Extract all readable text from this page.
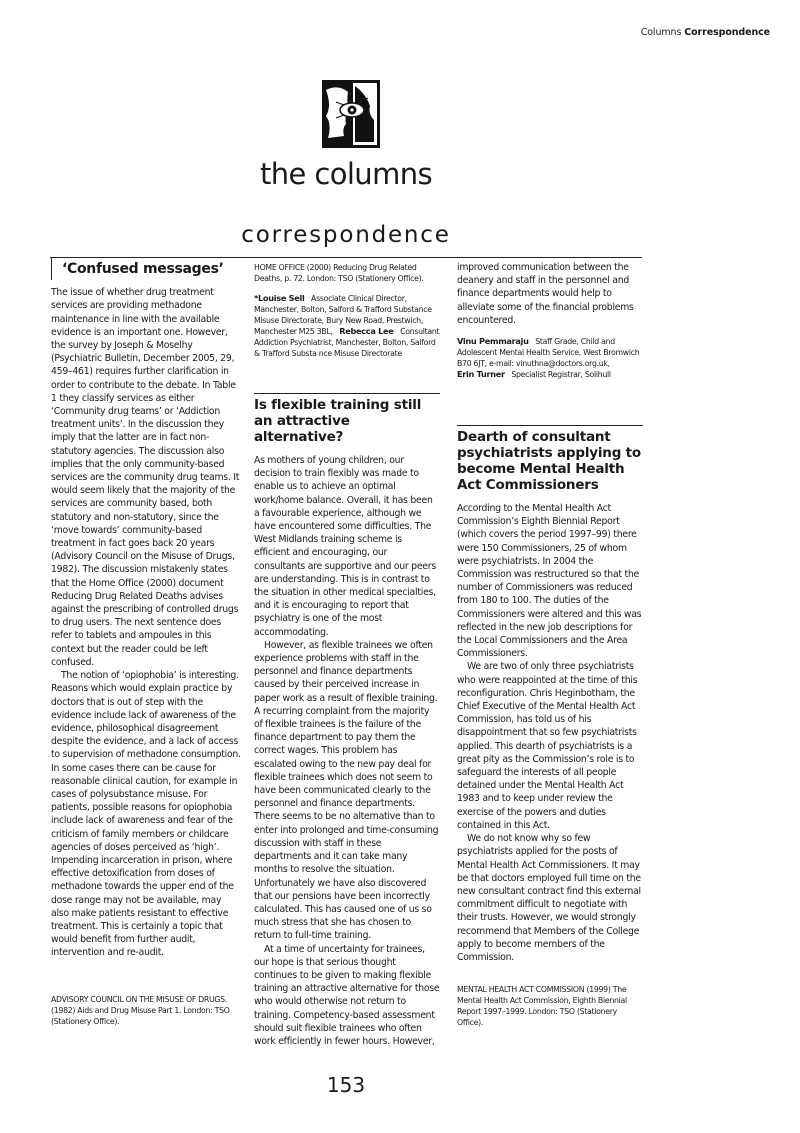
Columns Correspondence
the columns
correspondence
‘Confused messages’

The issue of whether drug treatment services are providing methadone maintenance in line with the available evidence is an important one. However, the survey by Joseph & Moselhy (Psychiatric Bulletin, December 2005, 29, 459–461) requires further clarification in order to contribute to the debate. In Table 1 they classify services as either ‘Community drug teams’ or ‘Addiction treatment units’. In the discussion they imply that the latter are in fact non-statutory agencies. The discussion also implies that the only community-based services are the community drug teams. It would seem likely that the majority of the services are community based, both statutory and non-statutory, since the ‘move towards’ community-based treatment in fact goes back 20 years (Advisory Council on the Misuse of Drugs, 1982). The discussion mistakenly states that the Home Office (2000) document Reducing Drug Related Deaths advises against the prescribing of controlled drugs to drug users. The next sentence does refer to tablets and ampoules in this context but the reader could be left confused.

The notion of ‘opiophobia’ is interesting. Reasons which would explain practice by doctors that is out of step with the evidence include lack of awareness of the evidence, philosophical disagreement despite the evidence, and a lack of access to supervision of methadone consumption. In some cases there can be cause for reasonable clinical caution, for example in cases of polysubstance misuse. For patients, possible reasons for opiophobia include lack of awareness and fear of the criticism of family members or childcare agencies of doses perceived as ‘high’. Impending incarceration in prison, where effective detoxification from doses of methadone towards the upper end of the dose range may not be available, may also make patients resistant to effective treatment. This is certainly a topic that would benefit from further audit, intervention and re-audit.

ADVISORY COUNCIL ON THE MISUSE OF DRUGS. (1982) Aids and Drug Misuse Part 1. London: TSO (Stationery Office).

HOME OFFICE (2000) Reducing Drug Related Deaths, p. 72. London: TSO (Stationery Office).

*Louise Sell Associate Clinical Director, Manchester, Bolton, Salford & Trafford Substance Misuse Directorate, Bury New Road, Prestwich, Manchester M25 3BL, Rebecca Lee Consultant Addiction Psychiatrist, Manchester, Bolton, Salford & Trafford Substa nce Misuse Directorate

Is flexible training still an attractive alternative?

As mothers of young children, our decision to train flexibly was made to enable us to achieve an optimal work/home balance. Overall, it has been a favourable experience, although we have encountered some difficulties. The West Midlands training scheme is efficient and encouraging, our consultants are supportive and our peers are understanding. This is in contrast to the situation in other medical specialties, and it is encouraging to report that psychiatry is one of the most accommodating.

However, as flexible trainees we often experience problems with staff in the personnel and finance departments caused by their perceived increase in paper work as a result of flexible training. A recurring complaint from the majority of flexible trainees is the failure of the finance department to pay them the correct wages. This problem has escalated owing to the new pay deal for flexible trainees which does not seem to have been communicated clearly to the personnel and finance departments. There seems to be no alternative than to enter into prolonged and time-consuming discussion with staff in these departments and it can take many months to resolve the situation. Unfortunately we have also discovered that our pensions have been incorrectly calculated. This has caused one of us so much stress that she has chosen to return to full-time training.

At a time of uncertainty for trainees, our hope is that serious thought continues to be given to making flexible training an attractive alternative for those who would otherwise not return to training. Competency-based assessment should suit flexible trainees who often work efficiently in fewer hours. However,

improved communication between the deanery and staff in the personnel and finance departments would help to alleviate some of the financial problems encountered.

Vinu Pemmaraju Staff Grade, Child and Adolescent Mental Health Service, West Bromwich B70 6JT, e-mail: vinuthna@doctors.org.uk,
Erin Turner Specialist Registrar, Solihull

Dearth of consultant psychiatrists applying to become Mental Health Act Commissioners

According to the Mental Health Act Commission’s Eighth Biennial Report (which covers the period 1997–99) there were 150 Commissioners, 25 of whom were psychiatrists. In 2004 the Commission was restructured so that the number of Commissioners was reduced from 180 to 100. The duties of the Commissioners were altered and this was reflected in the new job descriptions for the Local Commissioners and the Area Commissioners.

We are two of only three psychiatrists who were reappointed at the time of this reconfiguration. Chris Heginbotham, the Chief Executive of the Mental Health Act Commission, has told us of his disappointment that so few psychiatrists applied. This dearth of psychiatrists is a great pity as the Commission’s role is to safeguard the interests of all people detained under the Mental Health Act 1983 and to keep under review the exercise of the powers and duties contained in this Act.

We do not know why so few psychiatrists applied for the posts of Mental Health Act Commissioners. It may be that doctors employed full time on the new consultant contract find this external commitment difficult to negotiate with their trusts. However, we would strongly recommend that Members of the College apply to become members of the Commission.

MENTAL HEALTH ACT COMMISSION (1999) The Mental Health Act Commission, Eighth Biennial Report 1997–1999. London: TSO (Stationery Office).

153
